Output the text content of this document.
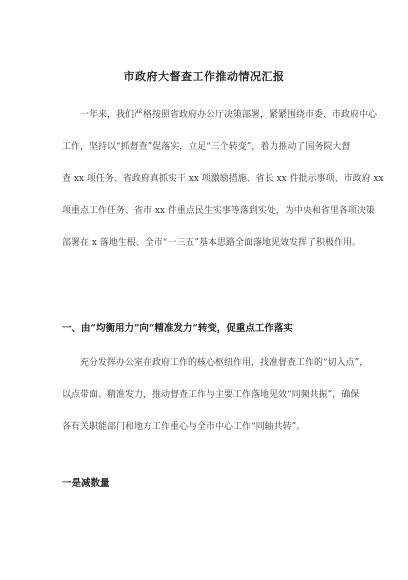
市政府大督查工作推动情况汇报
一年来，我们严格按照省政府办公厅决策部署，紧紧围绕市委、市政府中心
工作，坚持以“抓督查”促落实，立足“三个转变”，着力推动了国务院大督
查 xx 项任务、省政府真抓实干 xx 项激励措施、省长 xx 件批示事项、市政府 xx
项重点工作任务、省市 xx 件重点民生实事等落到实处，为中央和省里各项决策
部署在 x 落地生根、全市“一三五”基本思路全面落地见效发挥了积极作用。
一、由“均衡用力”向“精准发力”转变，促重点工作落实
充分发挥办公室在政府工作的核心枢纽作用，找准督查工作的“切入点”，
以点带面、精准发力，推动督查工作与主要工作落地见效“同频共振”，确保
各有关职能部门和地方工作重心与全市中心工作“同轴共转”。
一是减数量
